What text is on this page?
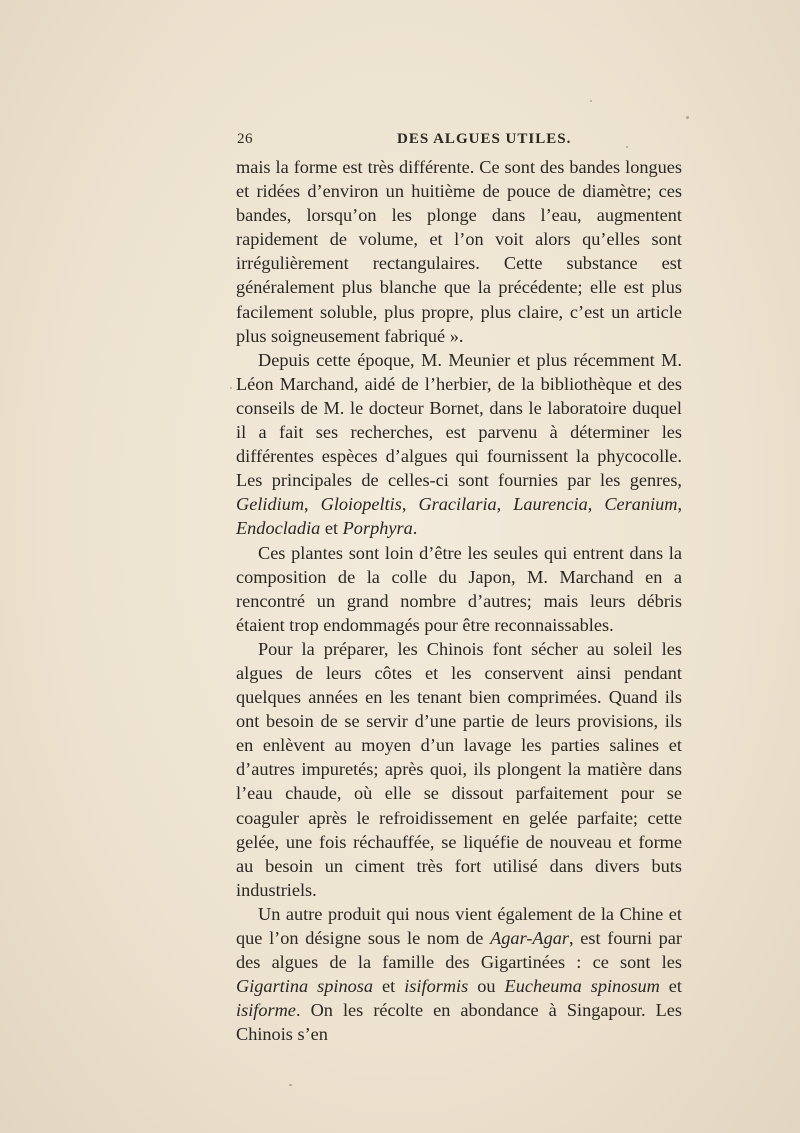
26	DES ALGUES UTILES.

mais la forme est très différente. Ce sont des bandes longues et ridées d’environ un huitième de pouce de diamètre; ces bandes, lorsqu’on les plonge dans l’eau, augmentent rapidement de volume, et l’on voit alors qu’elles sont irrégulièrement rectangulaires. Cette substance est généralement plus blanche que la précédente; elle est plus facilement soluble, plus propre, plus claire, c’est un article plus soigneusement fabriqué ».

Depuis cette époque, M. Meunier et plus récemment M. Léon Marchand, aidé de l’herbier, de la bibliothèque et des conseils de M. le docteur Bornet, dans le laboratoire duquel il a fait ses recherches, est parvenu à déterminer les différentes espèces d’algues qui fournissent la phycocolle. Les principales de celles-ci sont fournies par les genres, Gelidium, Gloiopeltis, Gracilaria, Laurencia, Ceranium, Endocladia et Porphyra.

Ces plantes sont loin d’être les seules qui entrent dans la composition de la colle du Japon, M. Marchand en a rencontré un grand nombre d’autres; mais leurs débris étaient trop endommagés pour être reconnaissables.

Pour la préparer, les Chinois font sécher au soleil les algues de leurs côtes et les conservent ainsi pendant quelques années en les tenant bien comprimées. Quand ils ont besoin de se servir d’une partie de leurs provisions, ils en enlèvent au moyen d’un lavage les parties salines et d’autres impuretés; après quoi, ils plongent la matière dans l’eau chaude, où elle se dissout parfaitement pour se coaguler après le refroidissement en gelée parfaite; cette gelée, une fois réchauffée, se liquéfie de nouveau et forme au besoin un ciment très fort utilisé dans divers buts industriels.

Un autre produit qui nous vient également de la Chine et que l’on désigne sous le nom de Agar-Agar, est fourni par des algues de la famille des Gigartinées : ce sont les Gigartina spinosa et isiformis ou Eucheuma spinosum et isiforme. On les récolte en abondance à Singapour. Les Chinois s’en
